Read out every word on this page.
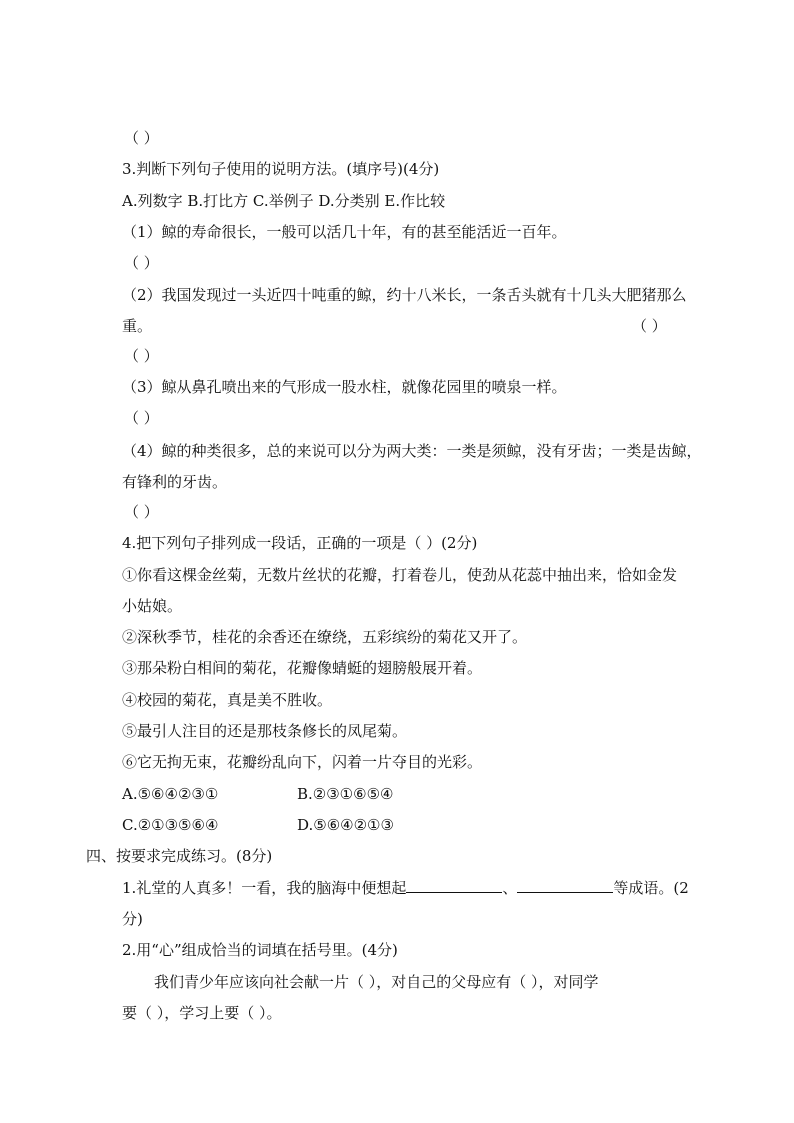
（ ）
3.判断下列句子使用的说明方法。(填序号)(4分)
A.列数字 B.打比方 C.举例子 D.分类别 E.作比较
（1）鲸的寿命很长，一般可以活几十年，有的甚至能活近一百年。
（ ）
（2）我国发现过一头近四十吨重的鲸，约十八米长，一条舌头就有十几头大肥猪那么
重。	（ ）
（ ）
（3）鲸从鼻孔喷出来的气形成一股水柱，就像花园里的喷泉一样。
（ ）
（4）鲸的种类很多，总的来说可以分为两大类：一类是须鲸，没有牙齿；一类是齿鲸，
有锋利的牙齿。
（ ）
4.把下列句子排列成一段话，正确的一项是（ ）(2分)
①你看这棵金丝菊，无数片丝状的花瓣，打着卷儿，使劲从花蕊中抽出来，恰如金发
小姑娘。
②深秋季节，桂花的余香还在缭绕，五彩缤纷的菊花又开了。
③那朵粉白相间的菊花，花瓣像蜻蜓的翅膀般展开着。
④校园的菊花，真是美不胜收。
⑤最引人注目的还是那枝条修长的凤尾菊。
⑥它无拘无束，花瓣纷乱向下，闪着一片夺目的光彩。
A.⑤⑥④②③①	B.②③①⑥⑤④
C.②①③⑤⑥④	D.⑤⑥④②①③
四、按要求完成练习。(8分)
1.礼堂的人真多！一看，我的脑海中便想起	、	等成语。(2
分)
2.用“心”组成恰当的词填在括号里。(4分)
我们青少年应该向社会献一片（ ），对自己的父母应有（ ），对同学
要（ ），学习上要（ ）。
